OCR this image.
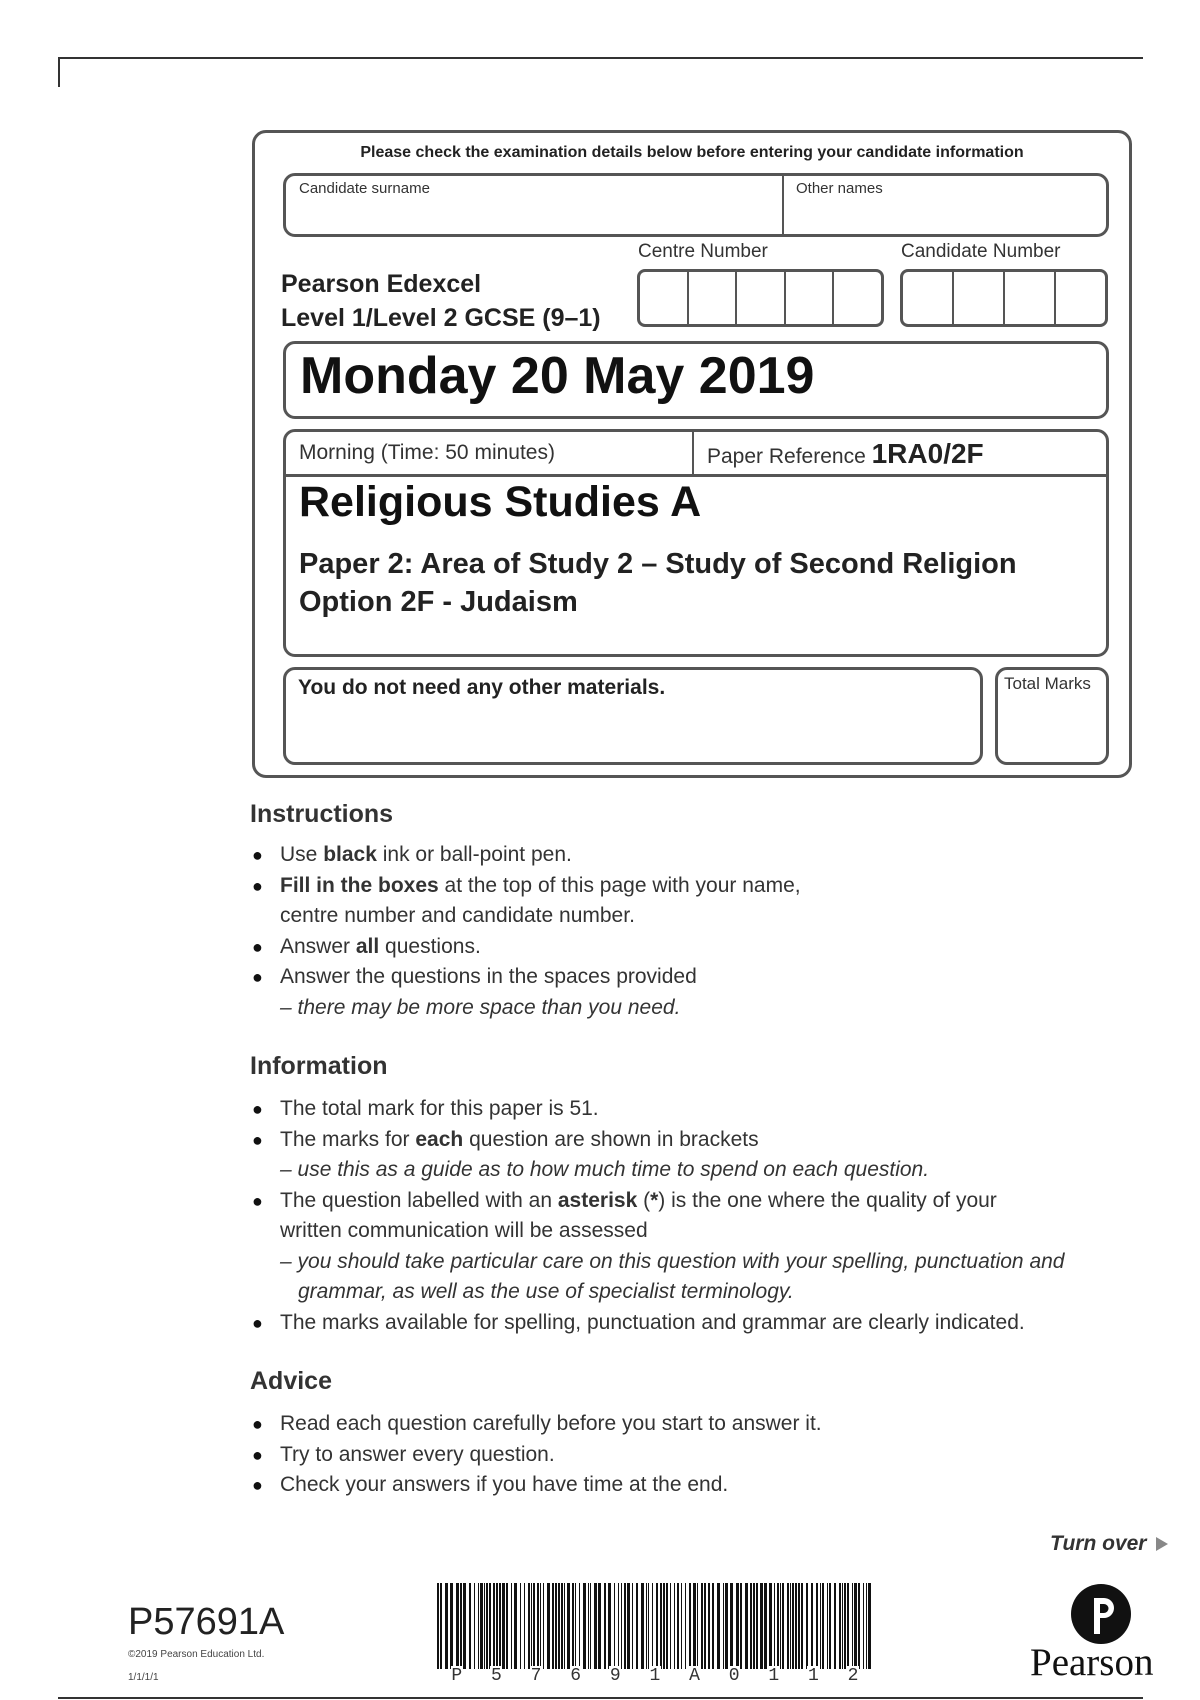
Please check the examination details below before entering your candidate information
Candidate surname	Other names
Centre Number	Candidate Number
Pearson Edexcel
Level 1/Level 2 GCSE (9–1)
Monday 20 May 2019
Morning (Time: 50 minutes)	Paper Reference 1RA0/2F
Religious Studies A
Paper 2: Area of Study 2 – Study of Second Religion
Option 2F - Judaism
You do not need any other materials.	Total Marks
Instructions
● Use black ink or ball-point pen.
● Fill in the boxes at the top of this page with your name,
centre number and candidate number.
● Answer all questions.
● Answer the questions in the spaces provided
– there may be more space than you need.
Information
● The total mark for this paper is 51.
● The marks for each question are shown in brackets
– use this as a guide as to how much time to spend on each question.
● The question labelled with an asterisk (*) is the one where the quality of your
written communication will be assessed
– you should take particular care on this question with your spelling, punctuation and
grammar, as well as the use of specialist terminology.
● The marks available for spelling, punctuation and grammar are clearly indicated.
Advice
● Read each question carefully before you start to answer it.
● Try to answer every question.
● Check your answers if you have time at the end.
Turn over
P57691A
©2019 Pearson Education Ltd.
1/1/1/1	P 5 7 6 9 1 A 0 1 1 2	Pearson
